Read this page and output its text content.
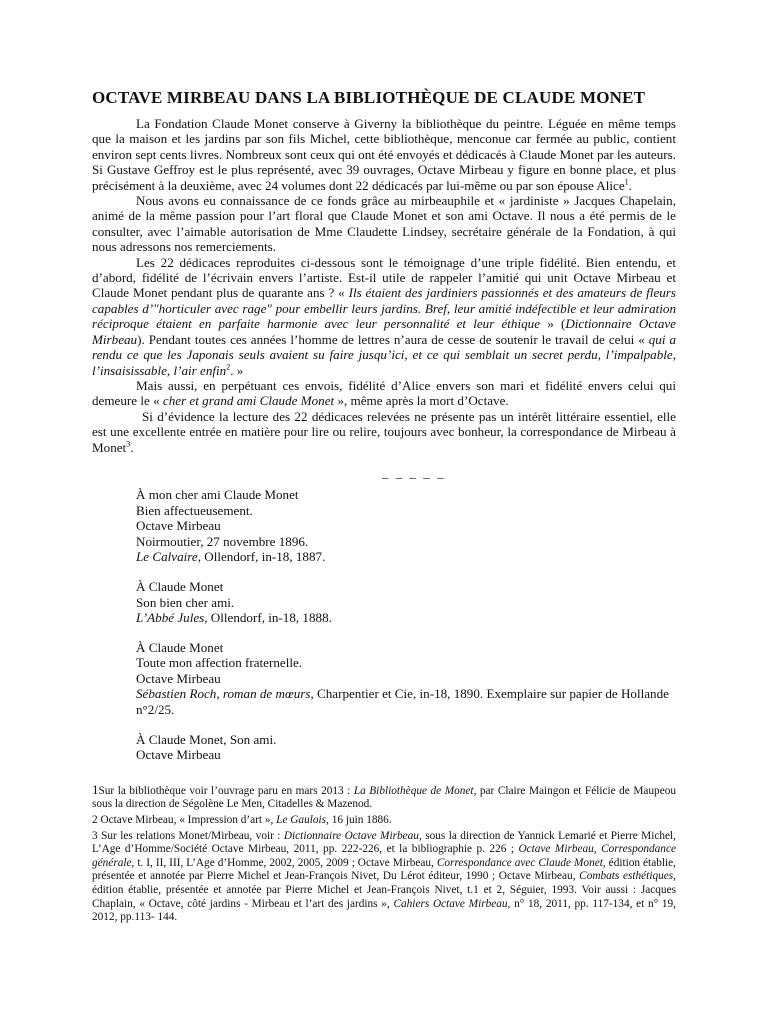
OCTAVE MIRBEAU DANS LA BIBLIOTHÈQUE DE CLAUDE MONET

La Fondation Claude Monet conserve à Giverny la bibliothèque du peintre. Léguée en même temps que la maison et les jardins par son fils Michel, cette bibliothèque, menconue car fermée au public, contient environ sept cents livres. Nombreux sont ceux qui ont été envoyés et dédicacés à Claude Monet par les auteurs. Si Gustave Geffroy est le plus représenté, avec 39 ouvrages, Octave Mirbeau y figure en bonne place, et plus précisément à la deuxième, avec 24 volumes dont 22 dédicacés par lui-même ou par son épouse Alice$^1$.

Nous avons eu connaissance de ce fonds grâce au mirbeauphile et « jardiniste » Jacques Chapelain, animé de la même passion pour l’art floral que Claude Monet et son ami Octave. Il nous a été permis de le consulter, avec l’aimable autorisation de Mme Claudette Lindsey, secrétaire générale de la Fondation, à qui nous adressons nos remerciements.

Les 22 dédicaces reproduites ci-dessous sont le témoignage d’une triple fidélité. Bien entendu, et d’abord, fidélité de l’écrivain envers l’artiste. Est-il utile de rappeler l’amitié qui unit Octave Mirbeau et Claude Monet pendant plus de quarante ans ? « Ils étaient des jardiniers passionnés et des amateurs de fleurs capables d’"horticuler avec rage" pour embellir leurs jardins. Bref, leur amitié indéfectible et leur admiration réciproque étaient en parfaite harmonie avec leur personnalité et leur éthique » (Dictionnaire Octave Mirbeau). Pendant toutes ces années l’homme de lettres n’aura de cesse de soutenir le travail de celui « qui a rendu ce que les Japonais seuls avaient su faire jusqu’ici, et ce qui semblait un secret perdu, l’impalpable, l’insaisissable, l’air enfin$^2$. »

Mais aussi, en perpétuant ces envois, fidélité d’Alice envers son mari et fidélité envers celui qui demeure le « cher et grand ami Claude Monet », même après la mort d’Octave.

Si d’évidence la lecture des 22 dédicaces relevées ne présente pas un intérêt littéraire essentiel, elle est une excellente entrée en matière pour lire ou relire, toujours avec bonheur, la correspondance de Mirbeau à Monet$^3$.

_ _ _ _ _
À mon cher ami Claude Monet
Bien affectueusement.
Octave Mirbeau
Noirmoutier, 27 novembre 1896.
Le Calvaire, Ollendorf, in-18, 1887.
À Claude Monet
Son bien cher ami.
L’Abbé Jules, Ollendorf, in-18, 1888.
À Claude Monet
Toute mon affection fraternelle.
Octave Mirbeau
Sébastien Roch, roman de mœurs, Charpentier et Cie, in-18, 1890. Exemplaire sur papier de Hollande n°2/25.
À Claude Monet, Son ami.
Octave Mirbeau
1Sur la bibliothèque voir l’ouvrage paru en mars 2013 : La Bibliothèque de Monet, par Claire Maingon et Félicie de Maupeou sous la direction de Ségolène Le Men, Citadelles & Mazenod.
2 Octave Mirbeau, « Impression d’art », Le Gaulois, 16 juin 1886.
3 Sur les relations Monet/Mirbeau, voir : Dictionnaire Octave Mirbeau, sous la direction de Yannick Lemarié et Pierre Michel, L’Age d’Homme/Société Octave Mirbeau, 2011, pp. 222-226, et la bibliographie p. 226 ; Octave Mirbeau, Correspondance générale, t. I, II, III, L’Age d’Homme, 2002, 2005, 2009 ; Octave Mirbeau, Correspondance avec Claude Monet, édition établie, présentée et annotée par Pierre Michel et Jean-François Nivet, Du Lérot éditeur, 1990 ; Octave Mirbeau, Combats esthétiques, édition établie, présentée et annotée par Pierre Michel et Jean-François Nivet, t.1 et 2, Séguier, 1993. Voir aussi : Jacques Chaplain, « Octave, côté jardins - Mirbeau et l’art des jardins », Cahiers Octave Mirbeau, n° 18, 2011, pp. 117-134, et n° 19, 2012, pp.113- 144.
